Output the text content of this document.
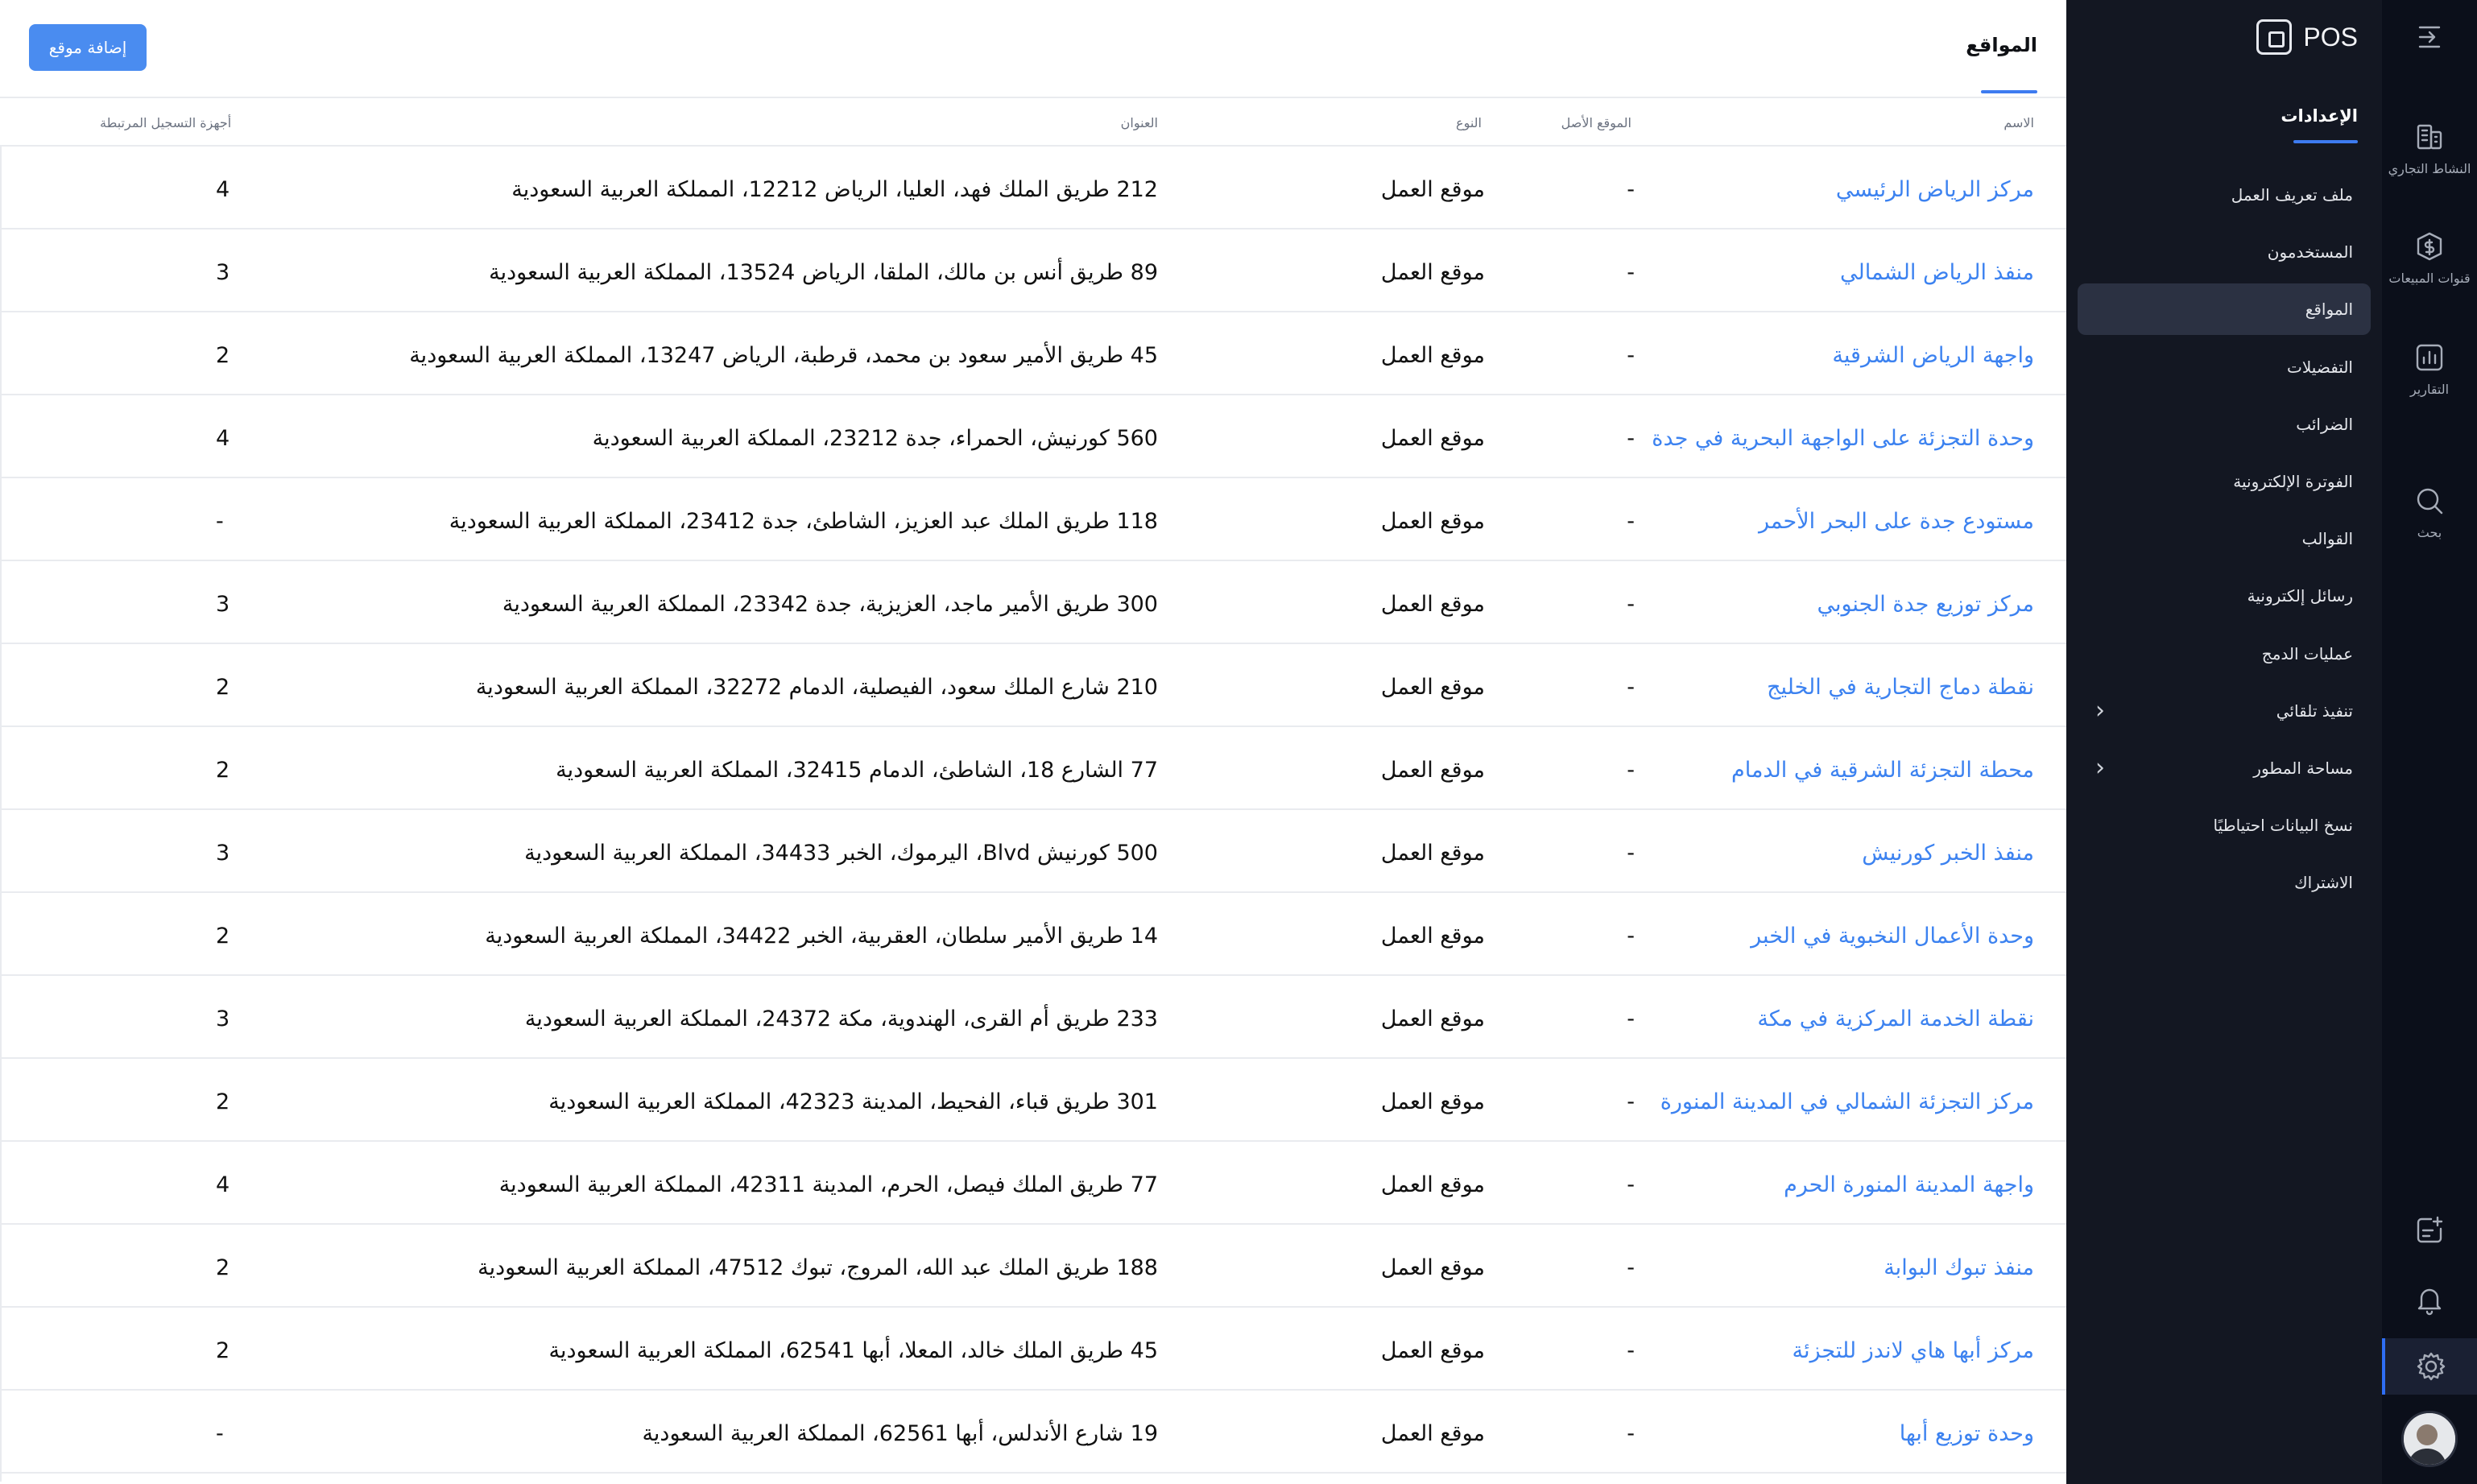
المواقع
إضافة موقع
الاسم
الموقع الأصل
النوع
العنوان
أجهزة التسجيل المرتبطة
مركز الرياض الرئيسي
-
موقع العمل
212 طريق الملك فهد، العليا، الرياض 12212، المملكة العربية السعودية
4
منفذ الرياض الشمالي
-
موقع العمل
89 طريق أنس بن مالك، الملقا، الرياض 13524، المملكة العربية السعودية
3
واجهة الرياض الشرقية
-
موقع العمل
45 طريق الأمير سعود بن محمد، قرطبة، الرياض 13247، المملكة العربية السعودية
2
وحدة التجزئة على الواجهة البحرية في جدة
-
موقع العمل
560 كورنيش، الحمراء، جدة 23212، المملكة العربية السعودية
4
مستودع جدة على البحر الأحمر
-
موقع العمل
118 طريق الملك عبد العزيز، الشاطئ، جدة 23412، المملكة العربية السعودية
-
مركز توزيع جدة الجنوبي
-
موقع العمل
300 طريق الأمير ماجد، العزيزية، جدة 23342، المملكة العربية السعودية
3
نقطة دماج التجارية في الخليج
-
موقع العمل
210 شارع الملك سعود، الفيصلية، الدمام 32272، المملكة العربية السعودية
2
محطة التجزئة الشرقية في الدمام
-
موقع العمل
77 الشارع 18، الشاطئ، الدمام 32415، المملكة العربية السعودية
2
منفذ الخبر كورنيش
-
موقع العمل
500 كورنيش Blvd، اليرموك، الخبر 34433، المملكة العربية السعودية
3
وحدة الأعمال النخبوية في الخبر
-
موقع العمل
14 طريق الأمير سلطان، العقربية، الخبر 34422، المملكة العربية السعودية
2
نقطة الخدمة المركزية في مكة
-
موقع العمل
233 طريق أم القرى، الهندوية، مكة 24372، المملكة العربية السعودية
3
مركز التجزئة الشمالي في المدينة المنورة
-
موقع العمل
301 طريق قباء، الفحيط، المدينة 42323، المملكة العربية السعودية
2
واجهة المدينة المنورة الحرم
-
موقع العمل
77 طريق الملك فيصل، الحرم، المدينة 42311، المملكة العربية السعودية
4
منفذ تبوك البوابة
-
موقع العمل
188 طريق الملك عبد الله، المروج، تبوك 47512، المملكة العربية السعودية
2
مركز أبها هاي لاندز للتجزئة
-
موقع العمل
45 طريق الملك خالد، المعلا، أبها 62541، المملكة العربية السعودية
2
وحدة توزيع أبها
-
موقع العمل
19 شارع الأندلس، أبها 62561، المملكة العربية السعودية
-
POS
الإعدادات
ملف تعريف العمل
المستخدمون
المواقع
التفضيلات
الضرائب
الفوترة الإلكترونية
القوالب
رسائل إلكترونية
عمليات الدمج
تنفيذ تلقائي
‹
مساحة المطور
‹
نسخ البيانات احتياطيًا
الاشتراك
النشاط التجاري
قنوات المبيعات
التقارير
بحث
